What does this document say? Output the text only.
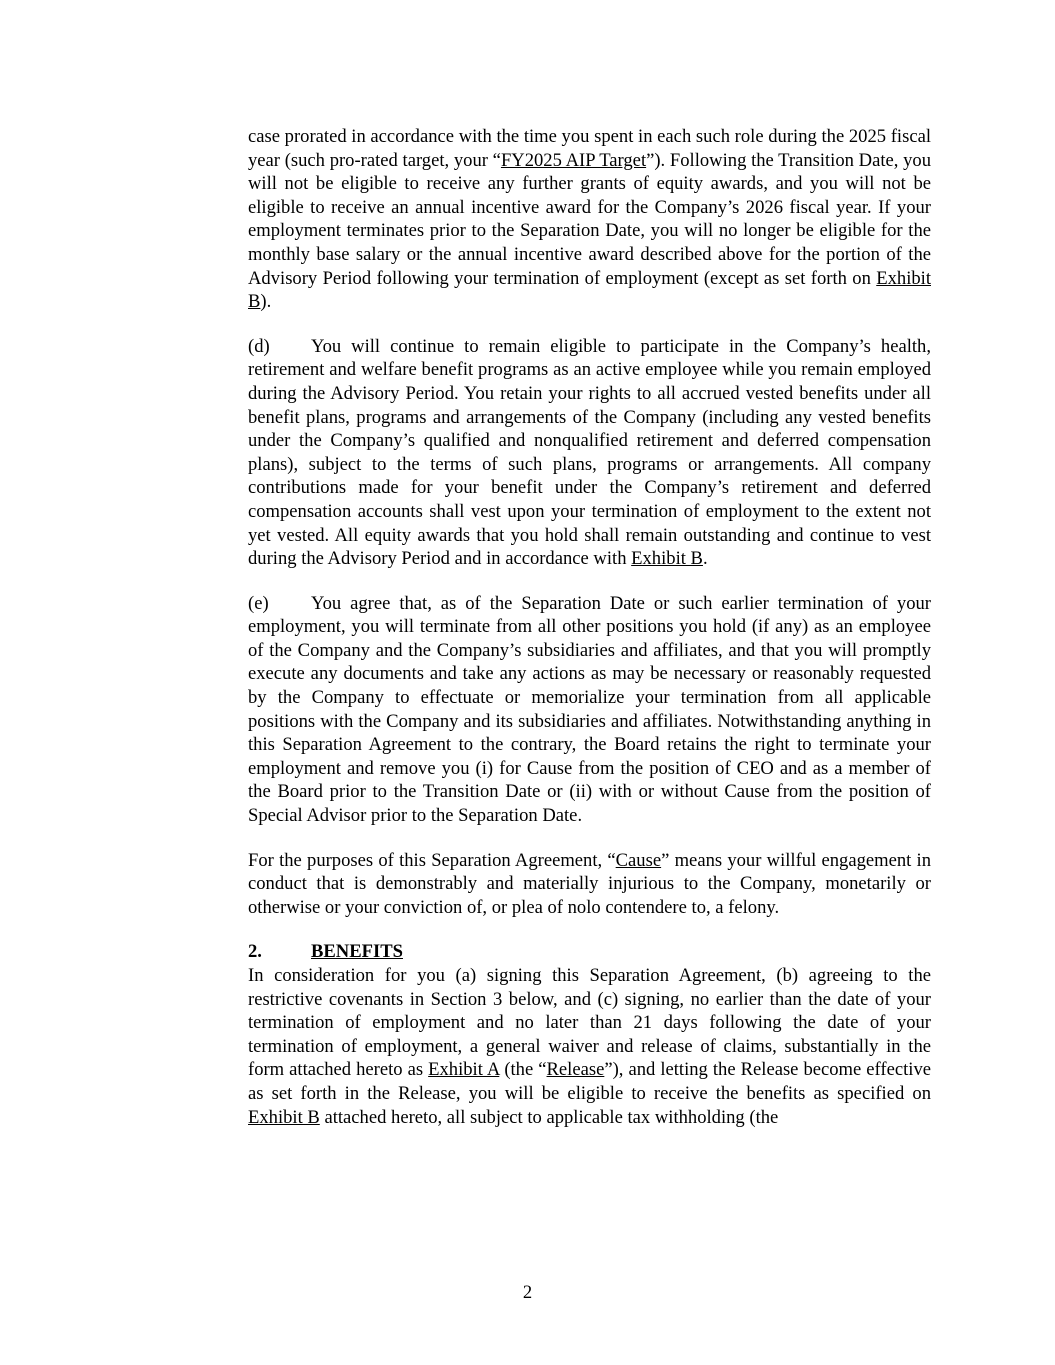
case prorated in accordance with the time you spent in each such role during the 2025 fiscal year (such pro-rated target, your “FY2025 AIP Target”). Following the Transition Date, you will not be eligible to receive any further grants of equity awards, and you will not be eligible to receive an annual incentive award for the Company’s 2026 fiscal year. If your employment terminates prior to the Separation Date, you will no longer be eligible for the monthly base salary or the annual incentive award described above for the portion of the Advisory Period following your termination of employment (except as set forth on Exhibit B).

(d) You will continue to remain eligible to participate in the Company’s health, retirement and welfare benefit programs as an active employee while you remain employed during the Advisory Period. You retain your rights to all accrued vested benefits under all benefit plans, programs and arrangements of the Company (including any vested benefits under the Company’s qualified and nonqualified retirement and deferred compensation plans), subject to the terms of such plans, programs or arrangements. All company contributions made for your benefit under the Company’s retirement and deferred compensation accounts shall vest upon your termination of employment to the extent not yet vested. All equity awards that you hold shall remain outstanding and continue to vest during the Advisory Period and in accordance with Exhibit B.

(e) You agree that, as of the Separation Date or such earlier termination of your employment, you will terminate from all other positions you hold (if any) as an employee of the Company and the Company’s subsidiaries and affiliates, and that you will promptly execute any documents and take any actions as may be necessary or reasonably requested by the Company to effectuate or memorialize your termination from all applicable positions with the Company and its subsidiaries and affiliates. Notwithstanding anything in this Separation Agreement to the contrary, the Board retains the right to terminate your employment and remove you (i) for Cause from the position of CEO and as a member of the Board prior to the Transition Date or (ii) with or without Cause from the position of Special Advisor prior to the Separation Date.

For the purposes of this Separation Agreement, “Cause” means your willful engagement in conduct that is demonstrably and materially injurious to the Company, monetarily or otherwise or your conviction of, or plea of nolo contendere to, a felony.

2.	BENEFITS

In consideration for you (a) signing this Separation Agreement, (b) agreeing to the restrictive covenants in Section 3 below, and (c) signing, no earlier than the date of your termination of employment and no later than 21 days following the date of your termination of employment, a general waiver and release of claims, substantially in the form attached hereto as Exhibit A (the “Release”), and letting the Release become effective as set forth in the Release, you will be eligible to receive the benefits as specified on Exhibit B attached hereto, all subject to applicable tax withholding (the

2
